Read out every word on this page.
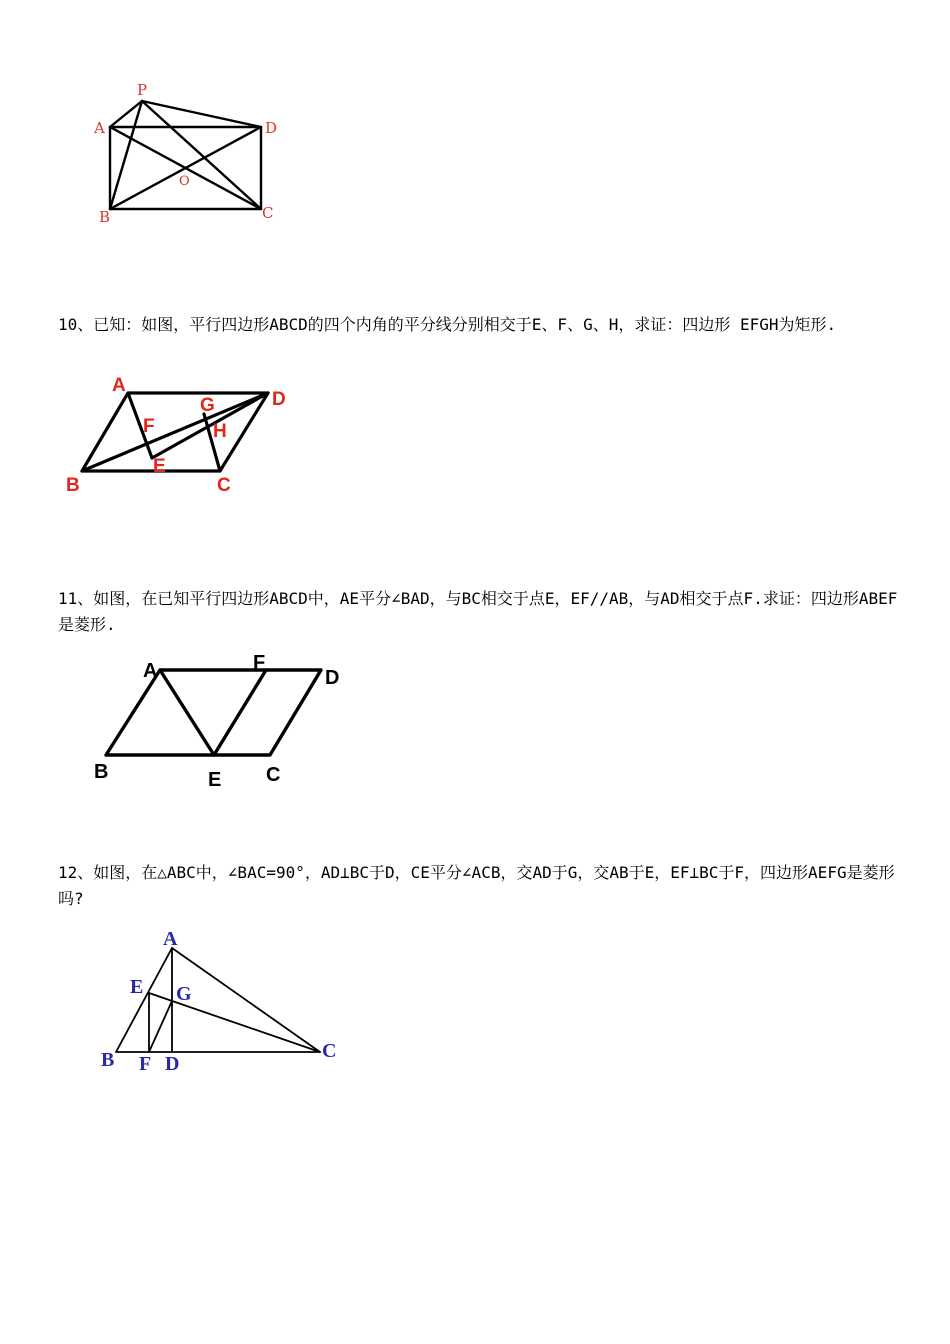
P
A	D
O
B	C

10、已知：如图，平行四边形ABCD的四个内角的平分线分别相交于E、F、G、H，求证：四边形 EFGH为矩形.

A
D
F
G
H
E
B	C

11、如图，在已知平行四边形ABCD中，AE平分∠BAD，与BC相交于点E，EF//AB，与AD相交于点F.求证：四边形ABEF是菱形.

A	F
D
B	E C

12、如图，在△ABC中，∠BAC=90°，AD⊥BC于D，CE平分∠ACB，交AD于G，交AB于E，EF⊥BC于F，四边形AEFG是菱形吗?

A
E G
B F D
C
